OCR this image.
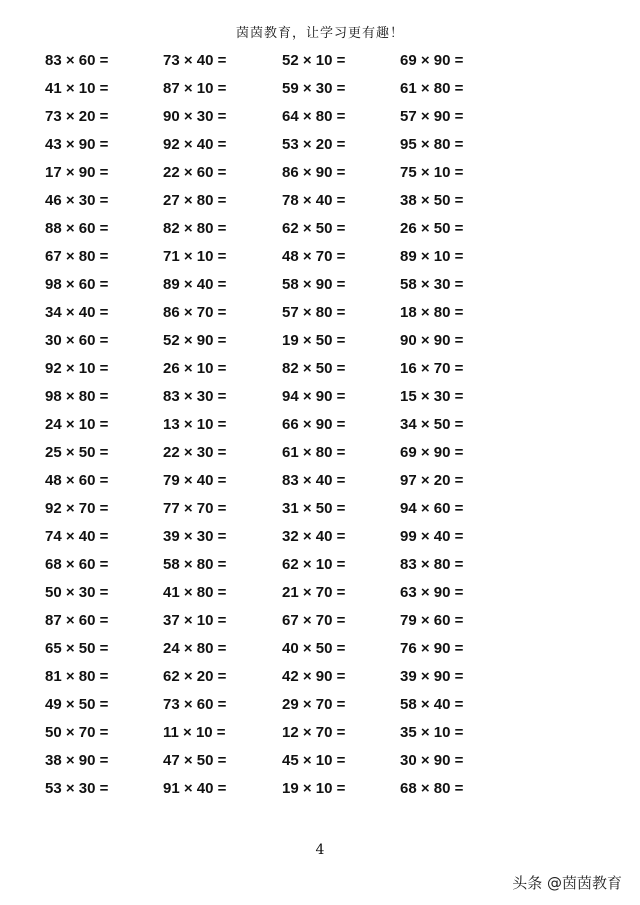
茵茵教育，让学习更有趣！
83 × 60 =	73 × 40 =	52 × 10 =	69 × 90 =
41 × 10 =	87 × 10 =	59 × 30 =	61 × 80 =
73 × 20 =	90 × 30 =	64 × 80 =	57 × 90 =
43 × 90 =	92 × 40 =	53 × 20 =	95 × 80 =
17 × 90 =	22 × 60 =	86 × 90 =	75 × 10 =
46 × 30 =	27 × 80 =	78 × 40 =	38 × 50 =
88 × 60 =	82 × 80 =	62 × 50 =	26 × 50 =
67 × 80 =	71 × 10 =	48 × 70 =	89 × 10 =
98 × 60 =	89 × 40 =	58 × 90 =	58 × 30 =
34 × 40 =	86 × 70 =	57 × 80 =	18 × 80 =
30 × 60 =	52 × 90 =	19 × 50 =	90 × 90 =
92 × 10 =	26 × 10 =	82 × 50 =	16 × 70 =
98 × 80 =	83 × 30 =	94 × 90 =	15 × 30 =
24 × 10 =	13 × 10 =	66 × 90 =	34 × 50 =
25 × 50 =	22 × 30 =	61 × 80 =	69 × 90 =
48 × 60 =	79 × 40 =	83 × 40 =	97 × 20 =
92 × 70 =	77 × 70 =	31 × 50 =	94 × 60 =
74 × 40 =	39 × 30 =	32 × 40 =	99 × 40 =
68 × 60 =	58 × 80 =	62 × 10 =	83 × 80 =
50 × 30 =	41 × 80 =	21 × 70 =	63 × 90 =
87 × 60 =	37 × 10 =	67 × 70 =	79 × 60 =
65 × 50 =	24 × 80 =	40 × 50 =	76 × 90 =
81 × 80 =	62 × 20 =	42 × 90 =	39 × 90 =
49 × 50 =	73 × 60 =	29 × 70 =	58 × 40 =
50 × 70 =	11 × 10 =	12 × 70 =	35 × 10 =
38 × 90 =	47 × 50 =	45 × 10 =	30 × 90 =
53 × 30 =	91 × 40 =	19 × 10 =	68 × 80 =
4
头条 @茵茵教育
